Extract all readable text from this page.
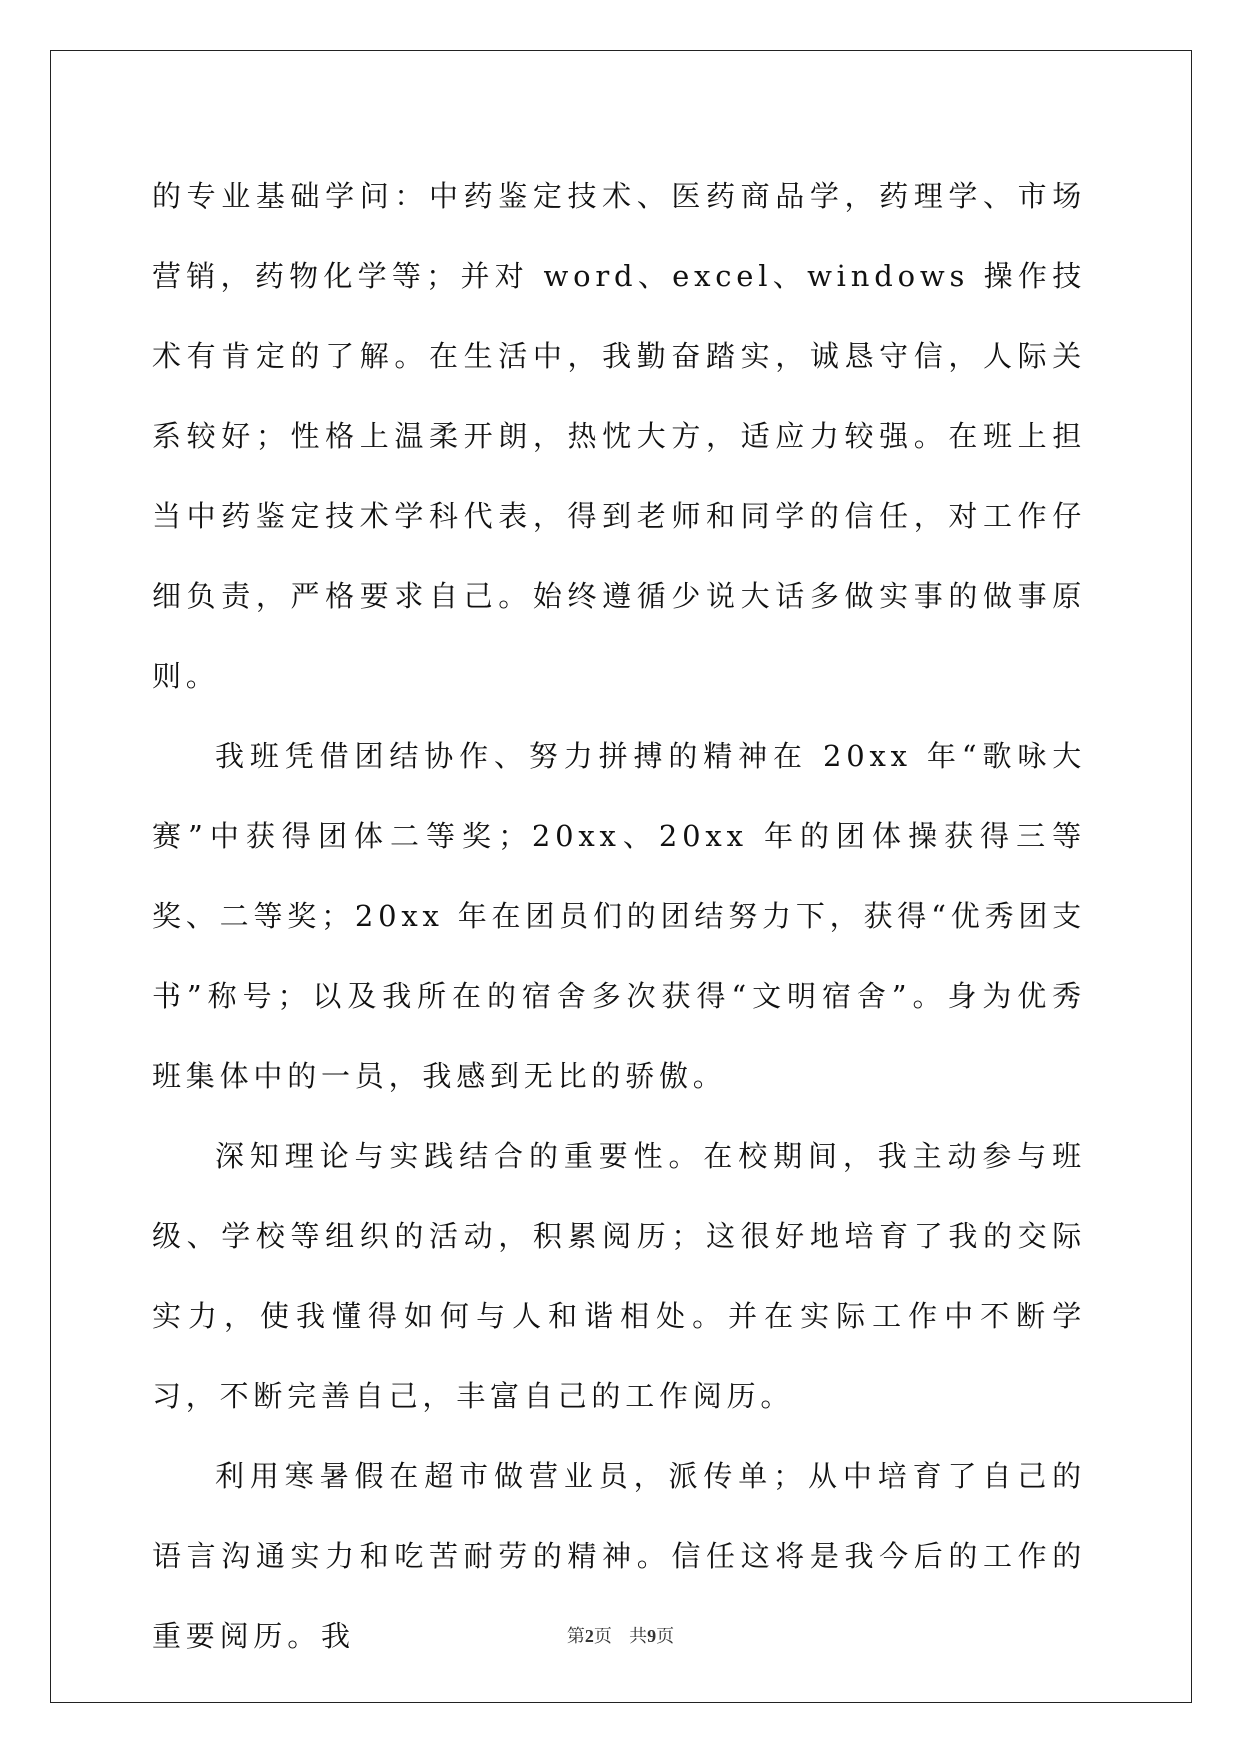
的专业基础学问：中药鉴定技术、医药商品学，药理学、市场营销，药物化学等；并对 word、excel、windows 操作技术有肯定的了解。在生活中，我勤奋踏实，诚恳守信，人际关系较好；性格上温柔开朗，热忱大方，适应力较强。在班上担当中药鉴定技术学科代表，得到老师和同学的信任，对工作仔细负责，严格要求自己。始终遵循少说大话多做实事的做事原则。

我班凭借团结协作、努力拼搏的精神在 20xx 年“歌咏大赛”中获得团体二等奖；20xx、20xx 年的团体操获得三等奖、二等奖；20xx 年在团员们的团结努力下，获得“优秀团支书”称号；以及我所在的宿舍多次获得“文明宿舍”。身为优秀班集体中的一员，我感到无比的骄傲。

深知理论与实践结合的重要性。在校期间，我主动参与班级、学校等组织的活动，积累阅历；这很好地培育了我的交际实力，使我懂得如何与人和谐相处。并在实际工作中不断学习，不断完善自己，丰富自己的工作阅历。

利用寒暑假在超市做营业员，派传单；从中培育了自己的语言沟通实力和吃苦耐劳的精神。信任这将是我今后的工作的重要阅历。我	第2页   共9页
